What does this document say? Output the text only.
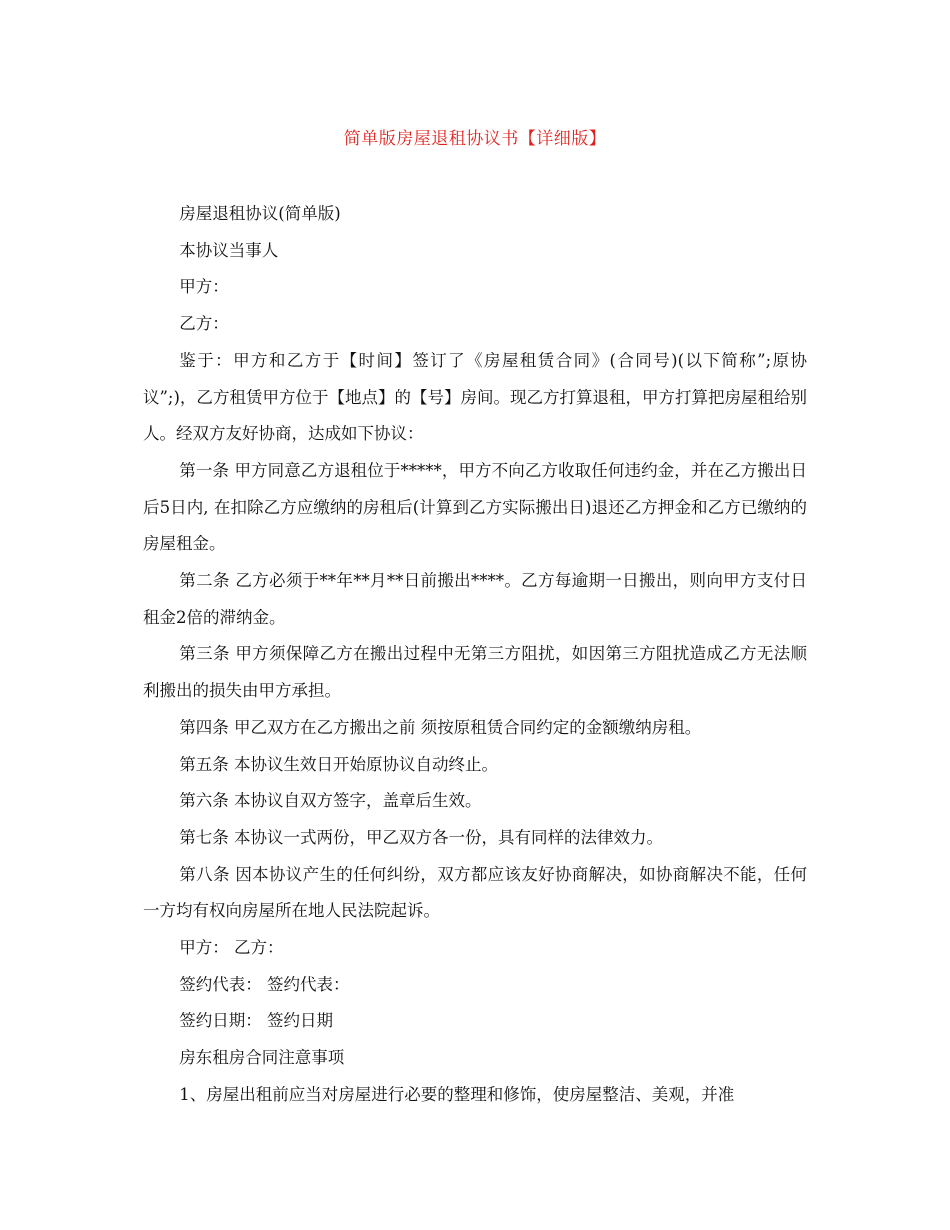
简单版房屋退租协议书【详细版】

房屋退租协议(简单版)

本协议当事人

甲方：

乙方：

鉴于：甲方和乙方于【时间】签订了《房屋租赁合同》(合同号)(以下简称”;原协议”;)，乙方租赁甲方位于【地点】的【号】房间。现乙方打算退租，甲方打算把房屋租给别人。经双方友好协商，达成如下协议：

第一条 甲方同意乙方退租位于*****，甲方不向乙方收取任何违约金，并在乙方搬出日后5日内, 在扣除乙方应缴纳的房租后(计算到乙方实际搬出日)退还乙方押金和乙方已缴纳的房屋租金。

第二条 乙方必须于**年**月**日前搬出****。乙方每逾期一日搬出，则向甲方支付日租金2倍的滞纳金。

第三条 甲方须保障乙方在搬出过程中无第三方阻扰，如因第三方阻扰造成乙方无法顺利搬出的损失由甲方承担。

第四条 甲乙双方在乙方搬出之前 须按原租赁合同约定的金额缴纳房租。

第五条 本协议生效日开始原协议自动终止。

第六条 本协议自双方签字，盖章后生效。

第七条 本协议一式两份，甲乙双方各一份，具有同样的法律效力。

第八条 因本协议产生的任何纠纷，双方都应该友好协商解决，如协商解决不能，任何一方均有权向房屋所在地人民法院起诉。

甲方： 乙方：

签约代表： 签约代表：

签约日期： 签约日期

房东租房合同注意事项

1、房屋出租前应当对房屋进行必要的整理和修饰，使房屋整洁、美观，并准
